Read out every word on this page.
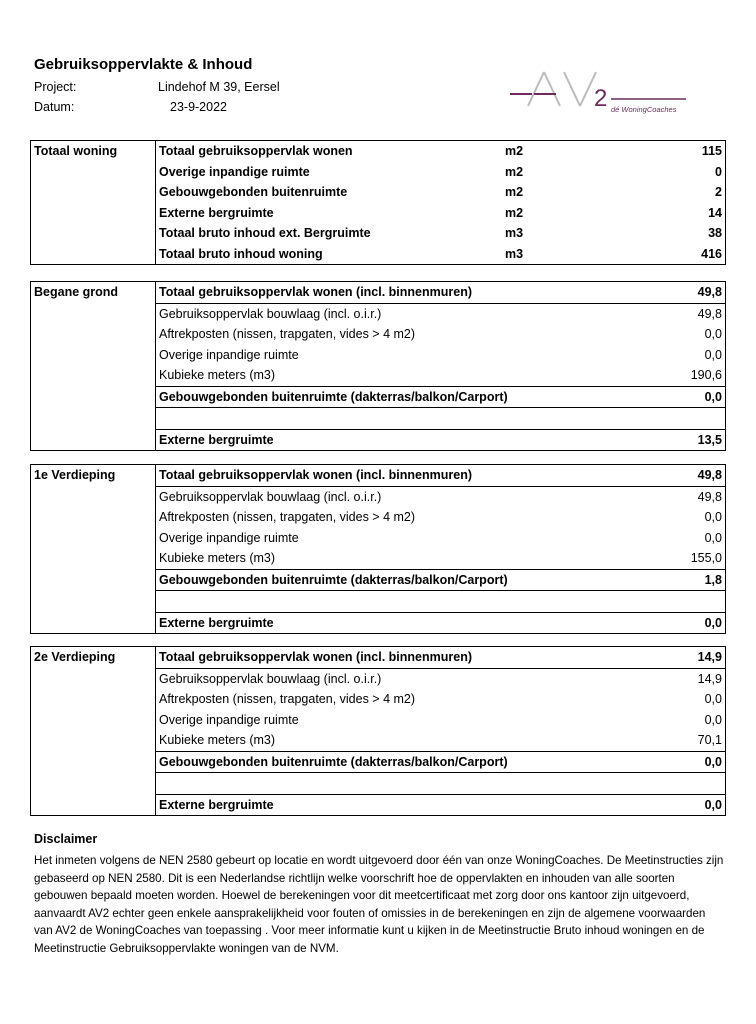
Gebruiksoppervlakte & Inhoud
Project:	Lindehof M 39, Eersel
Datum:	23-9-2022	2 dé WoningCoaches
Totaal woning	Totaal gebruiksoppervlak wonen	m2	115
	Overige inpandige ruimte	m2	0
	Gebouwgebonden buitenruimte	m2	2
	Externe bergruimte	m2	14
	Totaal bruto inhoud ext. Bergruimte	m3	38
	Totaal bruto inhoud woning	m3	416
Begane grond	Totaal gebruiksoppervlak wonen (incl. binnenmuren)	49,8
	Gebruiksoppervlak bouwlaag (incl. o.i.r.)	49,8
	Aftrekposten (nissen, trapgaten, vides > 4 m2)	0,0
	Overige inpandige ruimte	0,0
	Kubieke meters (m3)	190,6
	Gebouwgebonden buitenruimte (dakterras/balkon/Carport)	0,0

	Externe bergruimte	13,5
1e Verdieping	Totaal gebruiksoppervlak wonen (incl. binnenmuren)	49,8
	Gebruiksoppervlak bouwlaag (incl. o.i.r.)	49,8
	Aftrekposten (nissen, trapgaten, vides > 4 m2)	0,0
	Overige inpandige ruimte	0,0
	Kubieke meters (m3)	155,0
	Gebouwgebonden buitenruimte (dakterras/balkon/Carport)	1,8

	Externe bergruimte	0,0
2e Verdieping	Totaal gebruiksoppervlak wonen (incl. binnenmuren)	14,9
	Gebruiksoppervlak bouwlaag (incl. o.i.r.)	14,9
	Aftrekposten (nissen, trapgaten, vides > 4 m2)	0,0
	Overige inpandige ruimte	0,0
	Kubieke meters (m3)	70,1
	Gebouwgebonden buitenruimte (dakterras/balkon/Carport)	0,0

	Externe bergruimte	0,0
Disclaimer
Het inmeten volgens de NEN 2580 gebeurt op locatie en wordt uitgevoerd door één van onze WoningCoaches. De Meetinstructies zijn gebaseerd op NEN 2580. Dit is een Nederlandse richtlijn welke voorschrift hoe de oppervlakten en inhouden van alle soorten gebouwen bepaald moeten worden. Hoewel de berekeningen voor dit meetcertificaat met zorg door ons kantoor zijn uitgevoerd, aanvaardt AV2 echter geen enkele aansprakelijkheid voor fouten of omissies in de berekeningen en zijn de algemene voorwaarden van AV2 de WoningCoaches van toepassing . Voor meer informatie kunt u kijken in de Meetinstructie Bruto inhoud woningen en de Meetinstructie Gebruiksoppervlakte woningen van de NVM.
